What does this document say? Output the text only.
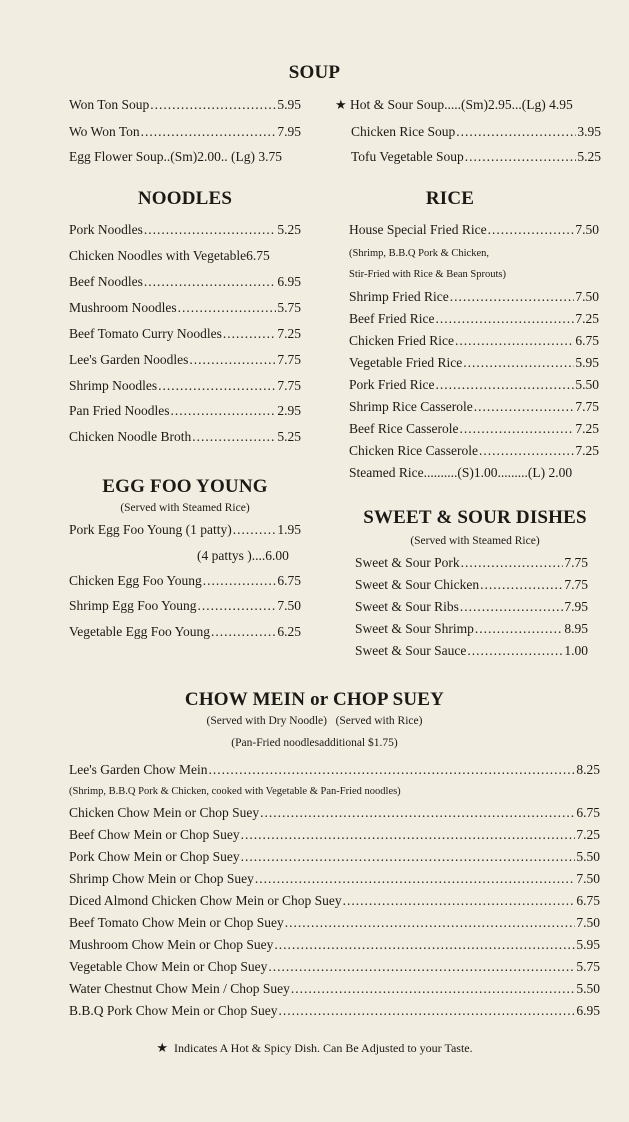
SOUP
Won Ton Soup .....	5.95
Wo Won Ton .....	7.95
Egg Flower Soup..(Sm)2.00.. (Lg) 3.75
★
Hot & Sour Soup.....(Sm)2.95...(Lg) 4.95
Chicken Rice Soup .....	3.95
Tofu Vegetable Soup .....	5.25
NOODLES
Pork Noodles .....	5.25
Chicken Noodles with Vegetable 6.75
Beef Noodles .....	6.95
Mushroom Noodles .....	5.75
Beef Tomato Curry Noodles .....	7.25
Lee's Garden Noodles .....	7.75
Shrimp Noodles .....	7.75
Pan Fried Noodles .....	2.95
Chicken Noodle Broth .....	5.25
RICE
House Special Fried Rice .....	7.50
(Shrimp, B.B.Q Pork & Chicken,
Stir-Fried with Rice & Bean Sprouts)
Shrimp Fried Rice .....	7.50
Beef Fried Rice .....	7.25
Chicken Fried Rice .....	6.75
Vegetable Fried Rice .....	5.95
Pork Fried Rice .....	5.50
Shrimp Rice Casserole .....	7.75
Beef Rice Casserole .....	7.25
Chicken Rice Casserole .....	7.25
Steamed Rice..........(S)1.00.........(L) 2.00
EGG FOO YOUNG
(Served with Steamed Rice)
Pork Egg Foo Young (1 patty) .....	1.95
(4 pattys )....6.00
Chicken Egg Foo Young .....	6.75
Shrimp Egg Foo Young .....	7.50
Vegetable Egg Foo Young .....	6.25
SWEET & SOUR DISHES
(Served with Steamed Rice)
Sweet & Sour Pork .....	7.75
Sweet & Sour Chicken .....	7.75
Sweet & Sour Ribs .....	7.95
Sweet & Sour Shrimp .....	8.95
Sweet & Sour Sauce .....	1.00
CHOW MEIN or CHOP SUEY
(Served with Dry Noodle) (Served with Rice)
(Pan-Fried noodlesadditional $1.75)
Lee's Garden Chow Mein .....	8.25
(Shrimp, B.B.Q Pork & Chicken, cooked with Vegetable & Pan-Fried noodles)
Chicken Chow Mein or Chop Suey .....	6.75
Beef Chow Mein or Chop Suey .....	7.25
Pork Chow Mein or Chop Suey .....	5.50
Shrimp Chow Mein or Chop Suey .....	7.50
Diced Almond Chicken Chow Mein or Chop Suey .....	6.75
Beef Tomato Chow Mein or Chop Suey .....	7.50
Mushroom Chow Mein or Chop Suey .....	5.95
Vegetable Chow Mein or Chop Suey .....	5.75
Water Chestnut Chow Mein / Chop Suey .....	5.50
B.B.Q Pork Chow Mein or Chop Suey .....	6.95
★ Indicates A Hot & Spicy Dish. Can Be Adjusted to your Taste.
